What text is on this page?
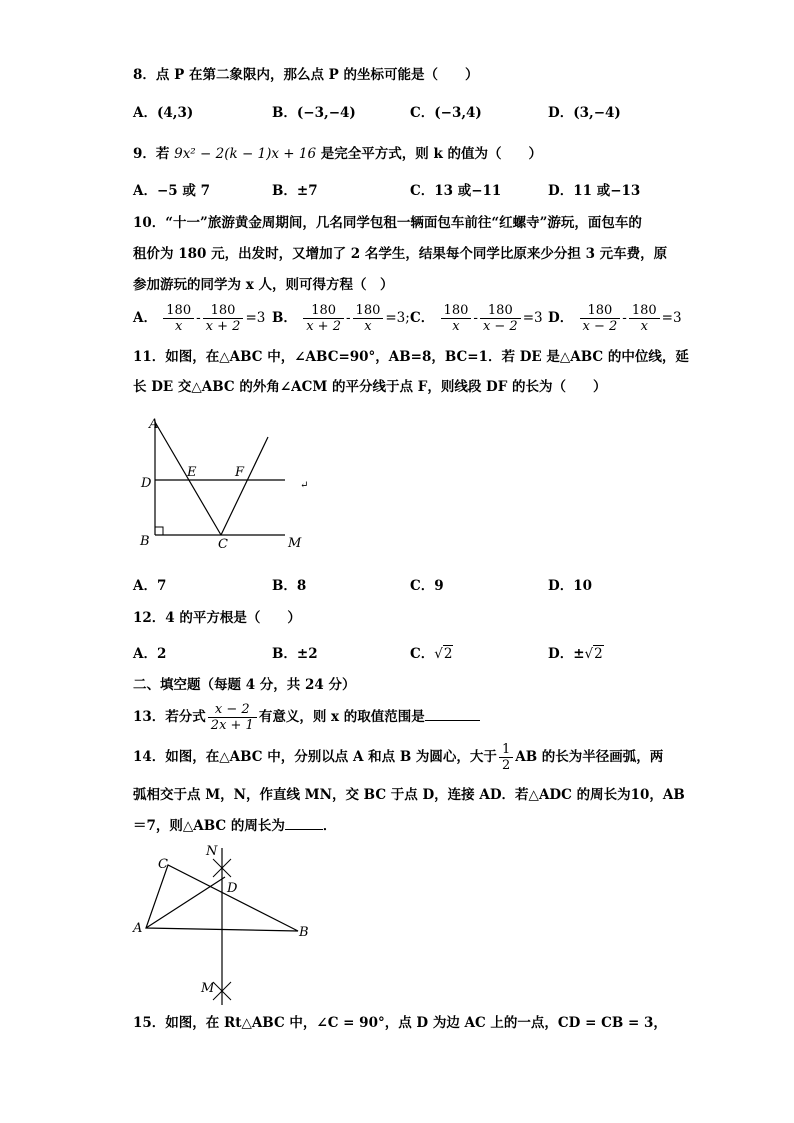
8．点 P 在第二象限内，那么点 P 的坐标可能是（　　）
A．(4,3)	B．(−3,−4)	C．(−3,4)	D．(3,−4)
9．若 9x² − 2(k − 1)x + 16 是完全平方式，则 k 的值为（　　）
A．−5 或 7	B．±7	C．13 或−11	D．11 或−13
10．“十一”旅游黄金周期间，几名同学包租一辆面包车前往“红螺寺”游玩，面包车的
租价为 180 元，出发时，又增加了 2 名学生，结果每个同学比原来少分担 3 元车费，原
参加游玩的同学为 x 人，则可得方程（　）
A． $\frac{180}{x} - \frac{180}{x + 2} =3$ B． $\frac{180}{x + 2} - \frac{180}{x} =3$; C． $\frac{180}{x} - \frac{180}{x - 2} =3$ D． $\frac{180}{x - 2} - \frac{180}{x} =3$
11．如图，在△ABC 中，∠ABC=90°，AB=8，BC=1．若 DE 是△ABC 的中位线，延
长 DE 交△ABC 的外角∠ACM 的平分线于点 F，则线段 DF 的长为（　　）
A
D
E	F
B	C	M
↵
A．7	B．8	C．9	D．10
12．4 的平方根是（　　）
A．2	B．±2	C．√2	D．±√2
二、填空题（每题 4 分，共 24 分）
13．若分式 $\frac{x - 2}{2x + 1}$ 有意义，则 x 的取值范围是
14．如图，在△ABC 中，分别以点 A 和点 B 为圆心，大于 $\frac{1}{2}$ AB 的长为半径画弧，两
弧相交于点 M，N，作直线 MN，交 BC 于点 D，连接 AD．若△ADC 的周长为10，AB
＝7，则△ABC 的周长为	．
C
N
D
A	B
M
15．如图，在 Rt△ABC 中，∠C = 90°，点 D 为边 AC 上的一点，CD = CB = 3，
